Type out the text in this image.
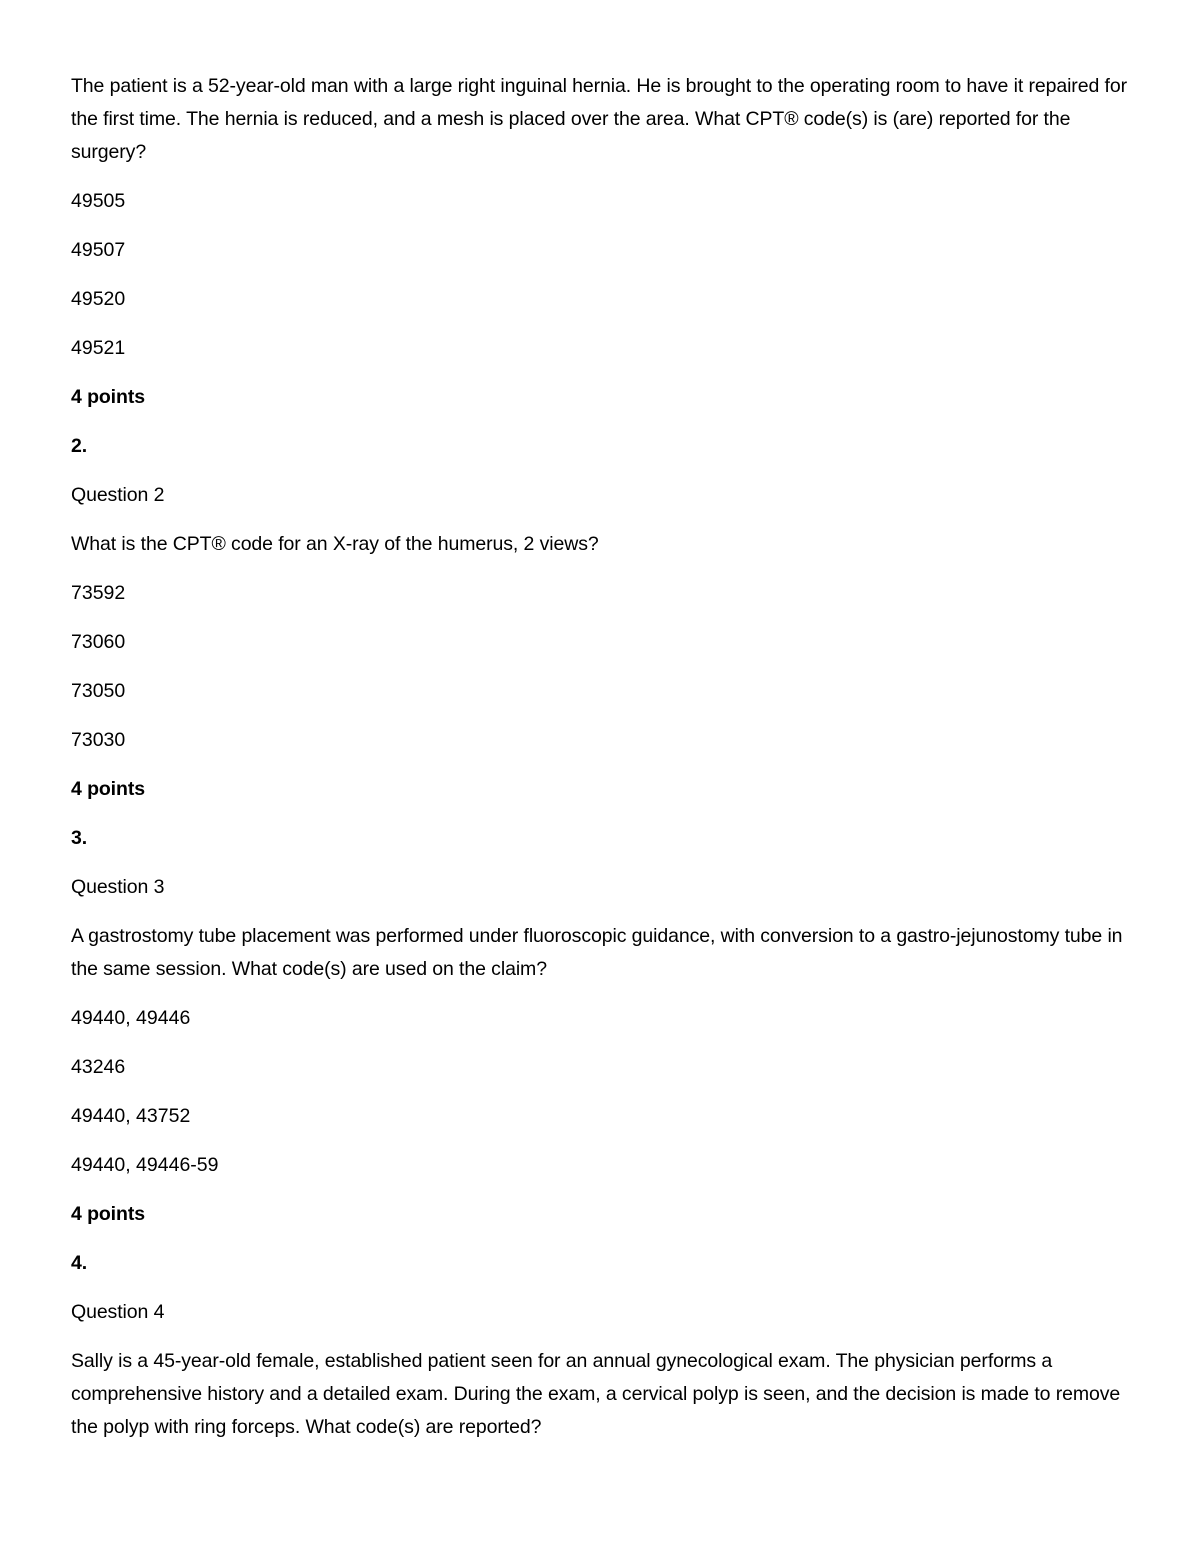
The patient is a 52-year-old man with a large right inguinal hernia. He is brought to the operating room to have it repaired for the first time. The hernia is reduced, and a mesh is placed over the area. What CPT® code(s) is (are) reported for the surgery?

49505

49507

49520

49521

4 points

2.

Question 2

What is the CPT® code for an X-ray of the humerus, 2 views?

73592

73060

73050

73030

4 points

3.

Question 3

A gastrostomy tube placement was performed under fluoroscopic guidance, with conversion to a gastro-jejunostomy tube in the same session. What code(s) are used on the claim?

49440, 49446

43246

49440, 43752

49440, 49446-59

4 points

4.

Question 4

Sally is a 45-year-old female, established patient seen for an annual gynecological exam. The physician performs a comprehensive history and a detailed exam. During the exam, a cervical polyp is seen, and the decision is made to remove the polyp with ring forceps. What code(s) are reported?
